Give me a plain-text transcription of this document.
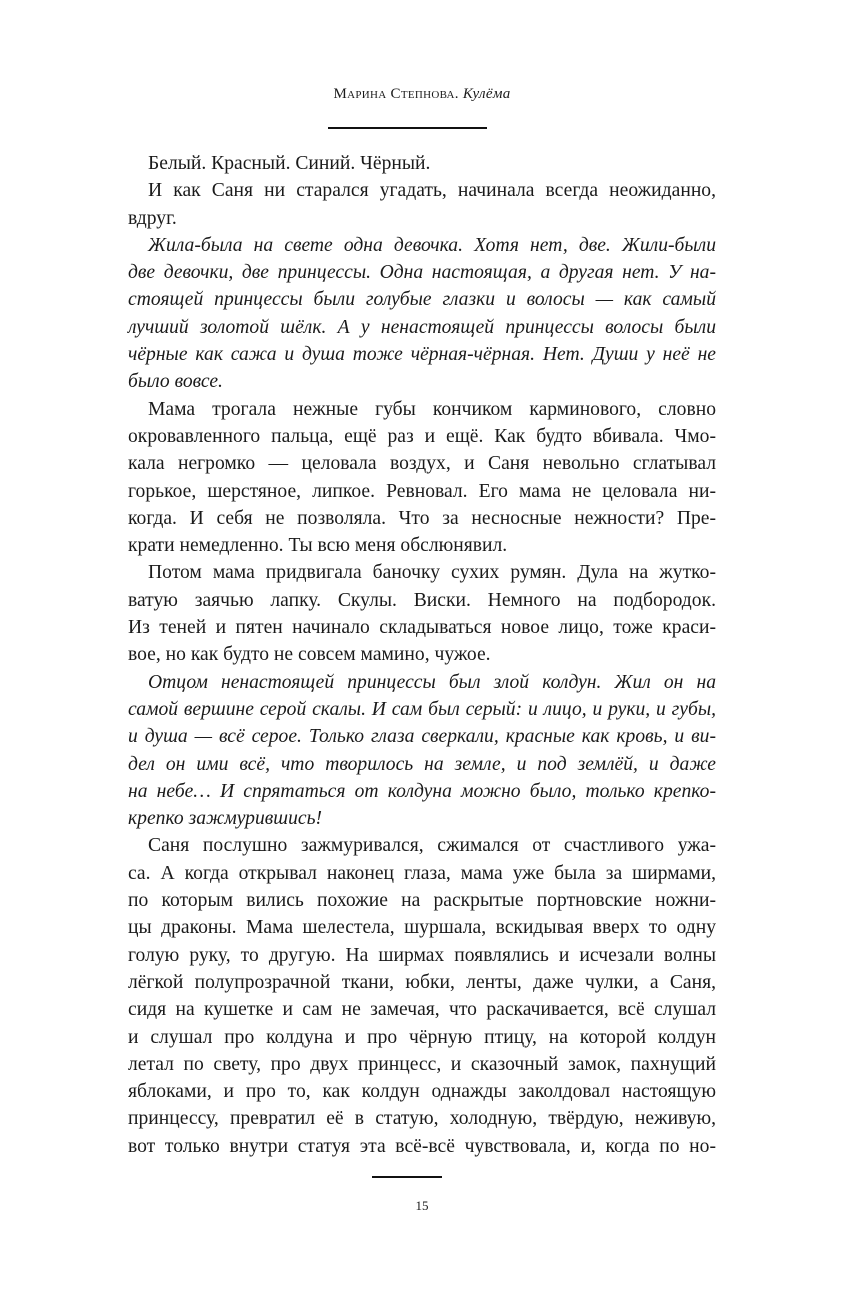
Марина Степнова. Кулёма
Белый. Красный. Синий. Чёрный.
И как Саня ни старался угадать, начинала всегда неожиданно,
вдруг.
Жила-была на свете одна девочка. Хотя нет, две. Жили-были
две девочки, две принцессы. Одна настоящая, а другая нет. У на-
стоящей принцессы были голубые глазки и волосы — как самый
лучший золотой шёлк. А у ненастоящей принцессы волосы были
чёрные как сажа и душа тоже чёрная-чёрная. Нет. Души у неё не
было вовсе.
Мама трогала нежные губы кончиком карминового, словно
окровавленного пальца, ещё раз и ещё. Как будто вбивала. Чмо-
кала негромко — целовала воздух, и Саня невольно сглатывал
горькое, шерстяное, липкое. Ревновал. Его мама не целовала ни-
когда. И себя не позволяла. Что за несносные нежности? Пре-
крати немедленно. Ты всю меня обслюнявил.
Потом мама придвигала баночку сухих румян. Дула на жутко-
ватую заячью лапку. Скулы. Виски. Немного на подбородок.
Из теней и пятен начинало складываться новое лицо, тоже краси-
вое, но как будто не совсем мамино, чужое.
Отцом ненастоящей принцессы был злой колдун. Жил он на
самой вершине серой скалы. И сам был серый: и лицо, и руки, и губы,
и душа — всё серое. Только глаза сверкали, красные как кровь, и ви-
дел он ими всё, что творилось на земле, и под землёй, и даже
на небе… И спрятаться от колдуна можно было, только крепко-
крепко зажмурившись!
Саня послушно зажмуривался, сжимался от счастливого ужа-
са. А когда открывал наконец глаза, мама уже была за ширмами,
по которым вились похожие на раскрытые портновские ножни-
цы драконы. Мама шелестела, шуршала, вскидывая вверх то одну
голую руку, то другую. На ширмах появлялись и исчезали волны
лёгкой полупрозрачной ткани, юбки, ленты, даже чулки, а Саня,
сидя на кушетке и сам не замечая, что раскачивается, всё слушал
и слушал про колдуна и про чёрную птицу, на которой колдун
летал по свету, про двух принцесс, и сказочный замок, пахнущий
яблоками, и про то, как колдун однажды заколдовал настоящую
принцессу, превратил её в статую, холодную, твёрдую, неживую,
вот только внутри статуя эта всё-всё чувствовала, и, когда по но-
15
